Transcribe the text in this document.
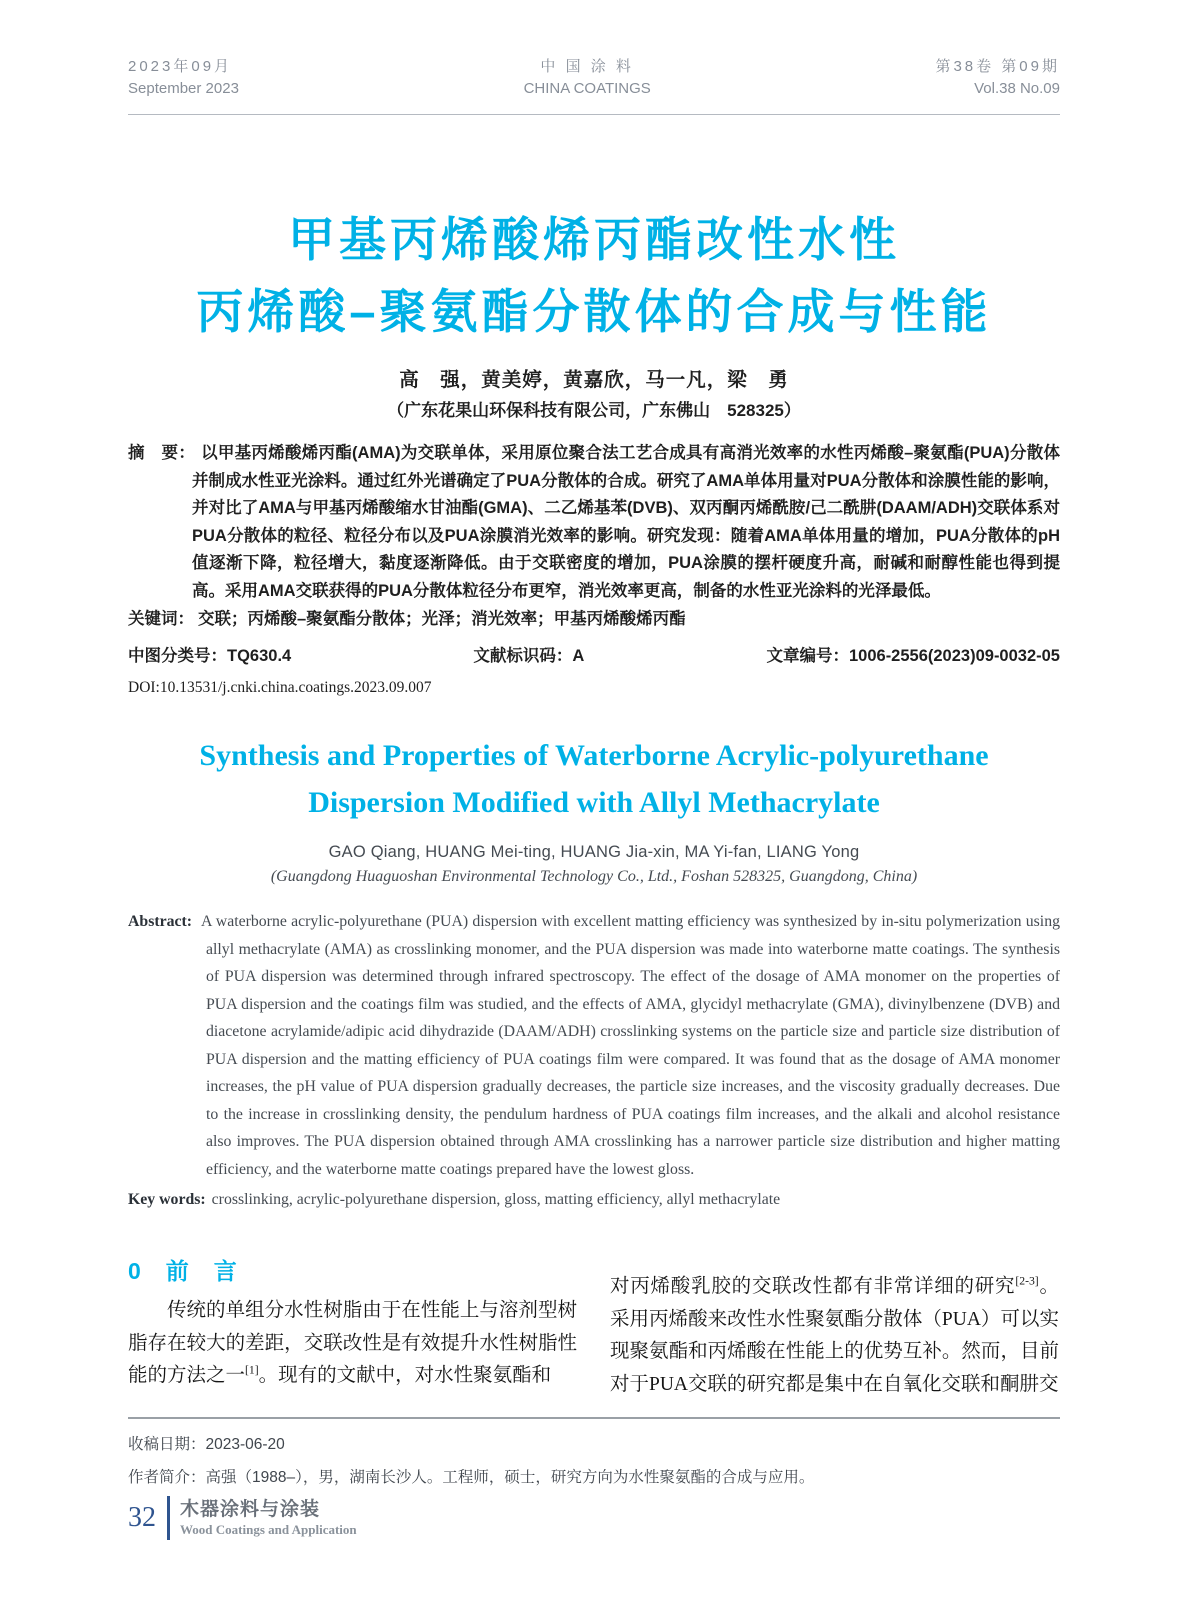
2023年09月
September 2023
中 国 涂 料
CHINA COATINGS
第38卷 第09期
Vol.38 No.09
甲基丙烯酸烯丙酯改性水性
丙烯酸–聚氨酯分散体的合成与性能
高　强，黄美婷，黄嘉欣，马一凡，梁　勇
（广东花果山环保科技有限公司，广东佛山　528325）

摘　要： 以甲基丙烯酸烯丙酯(AMA)为交联单体，采用原位聚合法工艺合成具有高消光效率的水性丙烯酸–聚氨酯(PUA)分散体并制成水性亚光涂料。通过红外光谱确定了PUA分散体的合成。研究了AMA单体用量对PUA分散体和涂膜性能的影响，并对比了AMA与甲基丙烯酸缩水甘油酯(GMA)、二乙烯基苯(DVB)、双丙酮丙烯酰胺/己二酰肼(DAAM/ADH)交联体系对PUA分散体的粒径、粒径分布以及PUA涂膜消光效率的影响。研究发现：随着AMA单体用量的增加，PUA分散体的pH值逐渐下降，粒径增大，黏度逐渐降低。由于交联密度的增加，PUA涂膜的摆杆硬度升高，耐碱和耐醇性能也得到提高。采用AMA交联获得的PUA分散体粒径分布更窄，消光效率更高，制备的水性亚光涂料的光泽最低。

关键词： 交联；丙烯酸–聚氨酯分散体；光泽；消光效率；甲基丙烯酸烯丙酯

中图分类号：TQ630.4	文献标识码：A	文章编号：1006-2556(2023)09-0032-05
DOI:10.13531/j.cnki.china.coatings.2023.09.007
Synthesis and Properties of Waterborne Acrylic-polyurethane
Dispersion Modified with Allyl Methacrylate
GAO Qiang, HUANG Mei-ting, HUANG Jia-xin, MA Yi-fan, LIANG Yong
(Guangdong Huaguoshan Environmental Technology Co., Ltd., Foshan 528325, Guangdong, China)

Abstract: A waterborne acrylic-polyurethane (PUA) dispersion with excellent matting efficiency was synthesized by in-situ polymerization using allyl methacrylate (AMA) as crosslinking monomer, and the PUA dispersion was made into waterborne matte coatings. The synthesis of PUA dispersion was determined through infrared spectroscopy. The effect of the dosage of AMA monomer on the properties of PUA dispersion and the coatings film was studied, and the effects of AMA, glycidyl methacrylate (GMA), divinylbenzene (DVB) and diacetone acrylamide/adipic acid dihydrazide (DAAM/ADH) crosslinking systems on the particle size and particle size distribution of PUA dispersion and the matting efficiency of PUA coatings film were compared. It was found that as the dosage of AMA monomer increases, the pH value of PUA dispersion gradually decreases, the particle size increases, and the viscosity gradually decreases. Due to the increase in crosslinking density, the pendulum hardness of PUA coatings film increases, and the alkali and alcohol resistance also improves. The PUA dispersion obtained through AMA crosslinking has a narrower particle size distribution and higher matting efficiency, and the waterborne matte coatings prepared have the lowest gloss.

Key words: crosslinking, acrylic-polyurethane dispersion, gloss, matting efficiency, allyl methacrylate

0　前　言

传统的单组分水性树脂由于在性能上与溶剂型树脂存在较大的差距，交联改性是有效提升水性树脂性能的方法之一[1]。现有的文献中，对水性聚氨酯和

对丙烯酸乳胶的交联改性都有非常详细的研究[2-3]。采用丙烯酸来改性水性聚氨酯分散体（PUA）可以实现聚氨酯和丙烯酸在性能上的优势互补。然而，目前对于PUA交联的研究都是集中在自氧化交联和酮肼交

收稿日期：2023-06-20
作者简介：高强（1988–），男，湖南长沙人。工程师，硕士，研究方向为水性聚氨酯的合成与应用。
32 木器涂料与涂装
Wood Coatings and Application
